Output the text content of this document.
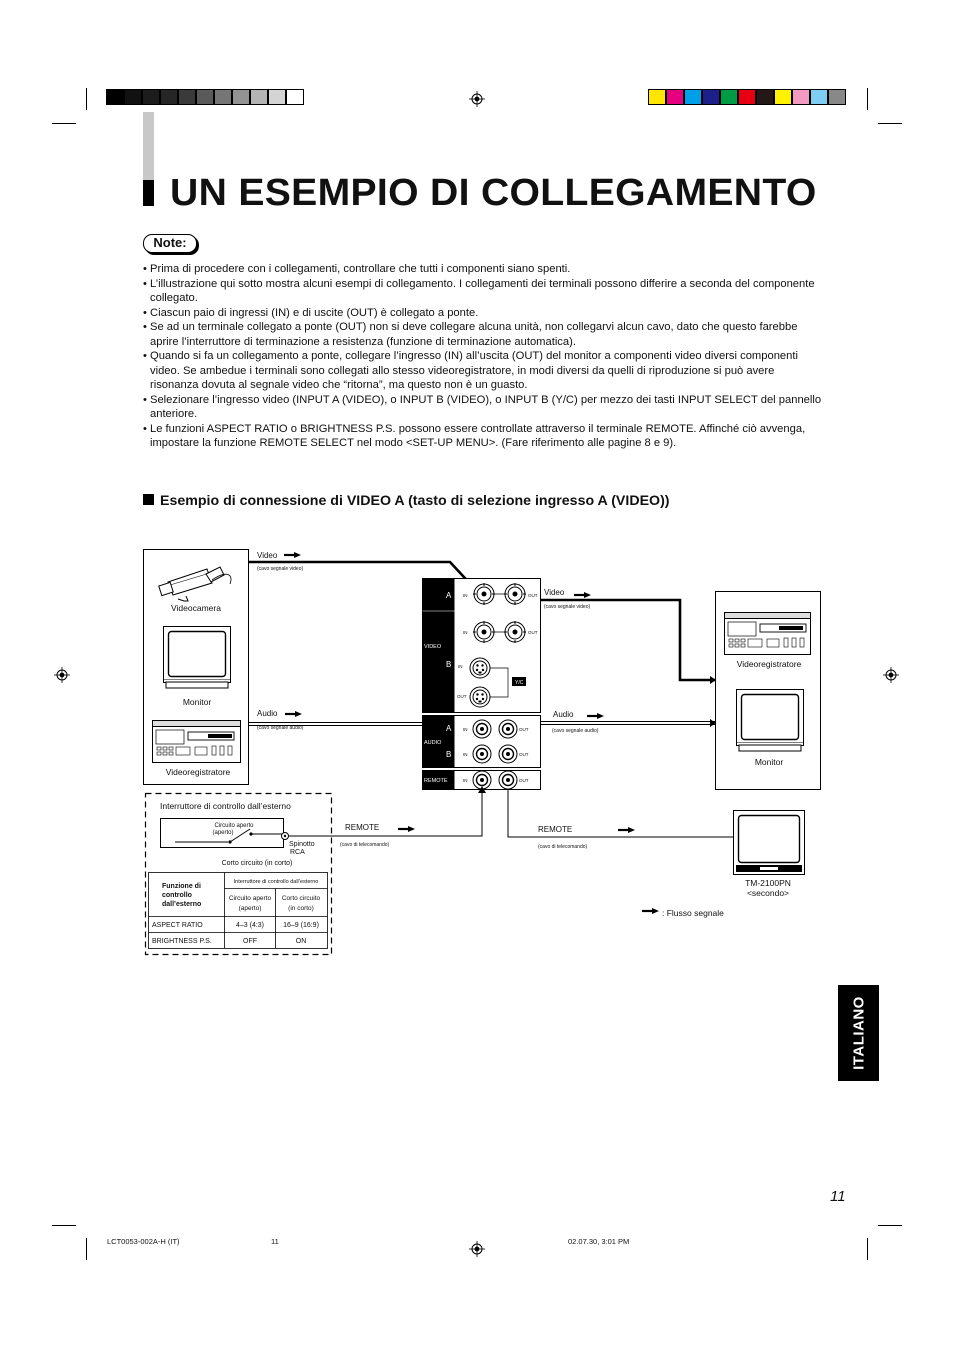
UN ESEMPIO DI COLLEGAMENTO
Note:
• Prima di procedere con i collegamenti, controllare che tutti i componenti siano spenti.
• L’illustrazione qui sotto mostra alcuni esempi di collegamento. I collegamenti dei terminali possono differire a seconda del componente collegato.
• Ciascun paio di ingressi (IN) e di uscite (OUT) è collegato a ponte.
• Se ad un terminale collegato a ponte (OUT) non si deve collegare alcuna unità, non collegarvi alcun cavo, dato che questo farebbe aprire l’interruttore di terminazione a resistenza (funzione di terminazione automatica).
• Quando si fa un collegamento a ponte, collegare l’ingresso (IN) all’uscita (OUT) del monitor a componenti video diversi componenti video. Se ambedue i terminali sono collegati allo stesso videoregistratore, in modi diversi da quelli di riproduzione si può avere risonanza dovuta al segnale video che “ritorna”, ma questo non è un guasto.
• Selezionare l’ingresso video (INPUT A (VIDEO), o INPUT B (VIDEO), o INPUT B (Y/C) per mezzo dei tasti INPUT SELECT del pannello anteriore.
• Le funzioni ASPECT RATIO o BRIGHTNESS P.S. possono essere controllate attraverso il terminale REMOTE. Affinché ciò avvenga, impostare la funzione REMOTE SELECT nel modo <SET-UP MENU>. (Fare riferimento alle pagine 8 e 9).
Esempio di connessione di VIDEO A (tasto di selezione ingresso A (VIDEO))
Videocamera
Monitor
Videoregistratore
Video
(cavo segnale video)
Audio
(cavo segnale audio)
VIDEO
A
B
Y/C
IN	OUT
IN	OUT
IN
OUT
AUDIO
A
B
IN	OUT
IN	OUT
REMOTE	IN	OUT
Video
(cavo segnale video)
Audio
(cavo segnale audio)
Videoregistratore
Monitor
REMOTE
(cavo di telecomando)
REMOTE
(cavo di telecomando)
TM-2100PN
<secondo>
: Flusso segnale
Interruttore di controllo dall’esterno
Circuito aperto
(aperto)
Spinotto
RCA
Corto circuito (in corto)
Funzione di
controllo
dall’esterno
Interruttore di controllo dall’esterno
Circuito aperto
(aperto)
Corto circuito
(in corto)
ASPECT RATIO	4–3 (4:3)	16–9 (16:9)
BRIGHTNESS P.S.	OFF	ON
ITALIANO
11
LCT0053-002A-H (IT)	11	02.07.30, 3:01 PM
